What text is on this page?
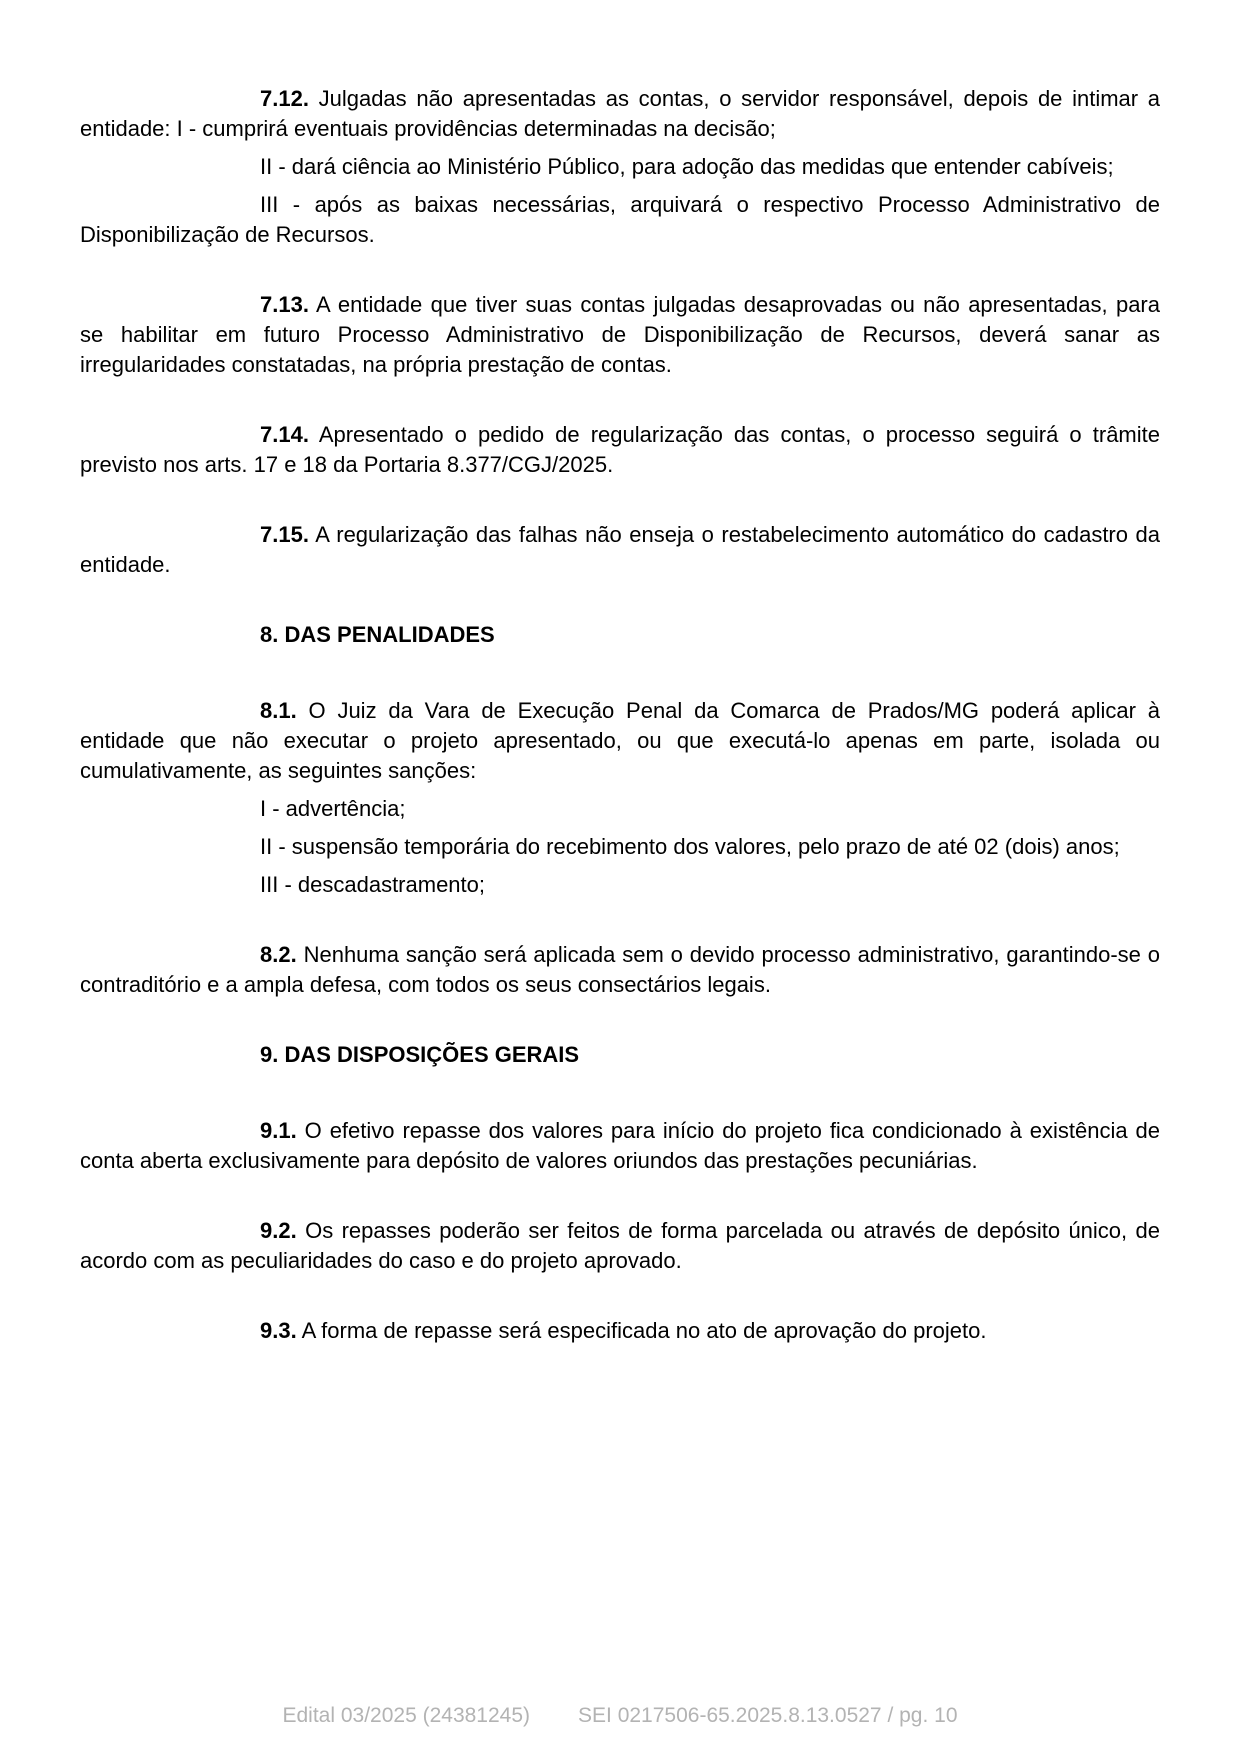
7.12. Julgadas não apresentadas as contas, o servidor responsável, depois de intimar a entidade: I - cumprirá eventuais providências determinadas na decisão;

II - dará ciência ao Ministério Público, para adoção das medidas que entender cabíveis;

III - após as baixas necessárias, arquivará o respectivo Processo Administrativo de Disponibilização de Recursos.

7.13. A entidade que tiver suas contas julgadas desaprovadas ou não apresentadas, para se habilitar em futuro Processo Administrativo de Disponibilização de Recursos, deverá sanar as irregularidades constatadas, na própria prestação de contas.

7.14. Apresentado o pedido de regularização das contas, o processo seguirá o trâmite previsto nos arts. 17 e 18 da Portaria 8.377/CGJ/2025.

7.15. A regularização das falhas não enseja o restabelecimento automático do cadastro da entidade.

8. DAS PENALIDADES

8.1. O Juiz da Vara de Execução Penal da Comarca de Prados/MG poderá aplicar à entidade que não executar o projeto apresentado, ou que executá-lo apenas em parte, isolada ou cumulativamente, as seguintes sanções:

I - advertência;

II - suspensão temporária do recebimento dos valores, pelo prazo de até 02 (dois) anos;

III - descadastramento;

8.2. Nenhuma sanção será aplicada sem o devido processo administrativo, garantindo-se o contraditório e a ampla defesa, com todos os seus consectários legais.

9. DAS DISPOSIÇÕES GERAIS

9.1. O efetivo repasse dos valores para início do projeto fica condicionado à existência de conta aberta exclusivamente para depósito de valores oriundos das prestações pecuniárias.

9.2. Os repasses poderão ser feitos de forma parcelada ou através de depósito único, de acordo com as peculiaridades do caso e do projeto aprovado.

9.3. A forma de repasse será especificada no ato de aprovação do projeto.

Edital 03/2025 (24381245) SEI 0217506-65.2025.8.13.0527 / pg. 10
